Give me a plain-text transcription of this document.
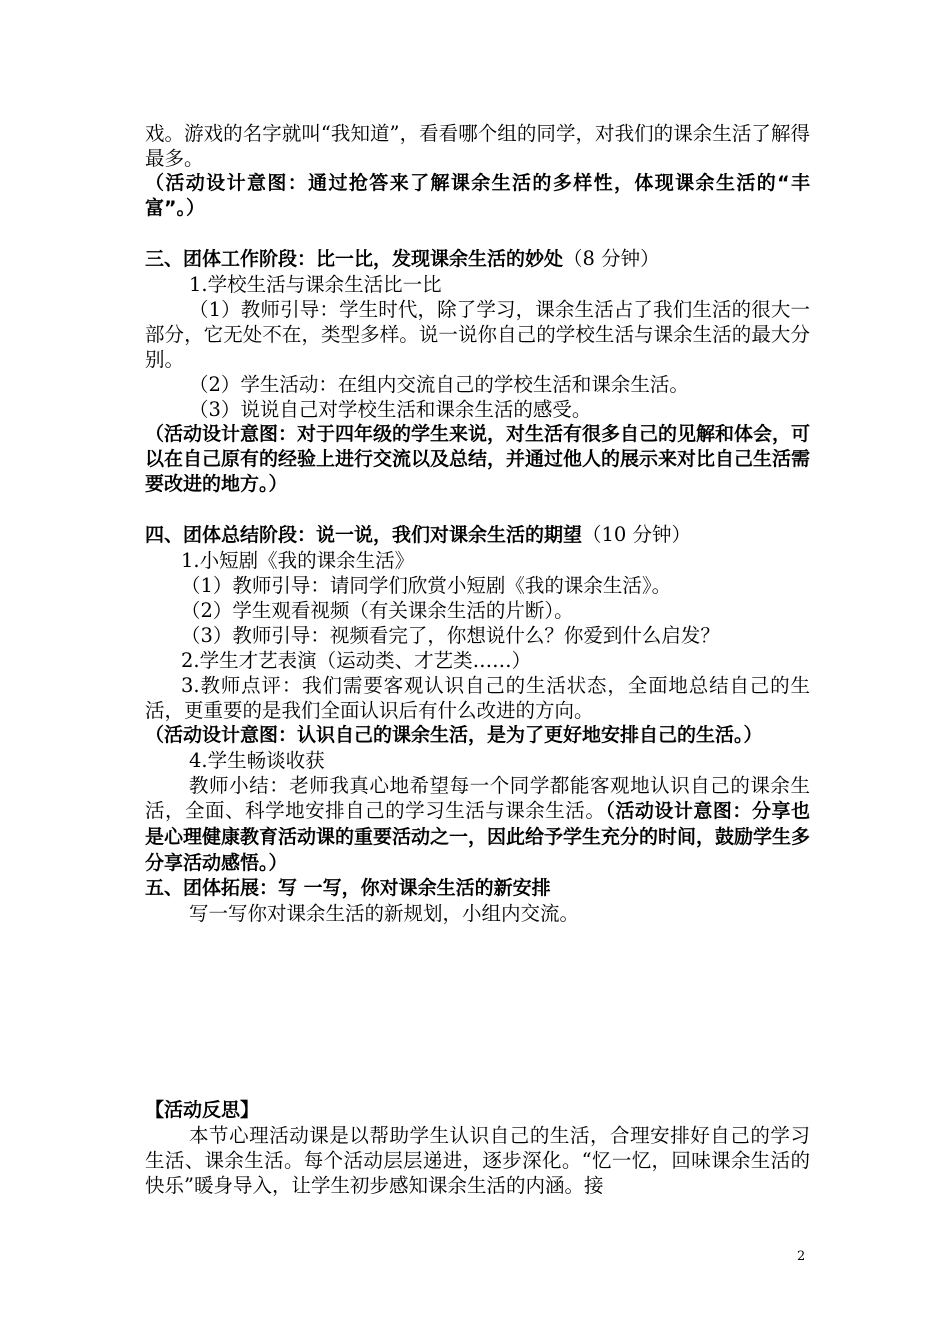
戏。游戏的名字就叫“我知道”，看看哪个组的同学，对我们的课余生活了解得最多。

（活动设计意图：通过抢答来了解课余生活的多样性，体现课余生活的“丰富”。）

三、团体工作阶段：比一比，发现课余生活的妙处（8 分钟）

1.学校生活与课余生活比一比

（1）教师引导：学生时代，除了学习，课余生活占了我们生活的很大一部分，它无处不在，类型多样。说一说你自己的学校生活与课余生活的最大分别。

（2）学生活动：在组内交流自己的学校生活和课余生活。

（3）说说自己对学校生活和课余生活的感受。

（活动设计意图：对于四年级的学生来说，对生活有很多自己的见解和体会，可以在自己原有的经验上进行交流以及总结，并通过他人的展示来对比自己生活需要改进的地方。）

四、团体总结阶段：说一说，我们对课余生活的期望（10 分钟）

1.小短剧《我的课余生活》

（1）教师引导：请同学们欣赏小短剧《我的课余生活》。

（2）学生观看视频（有关课余生活的片断）。

（3）教师引导：视频看完了，你想说什么？你爱到什么启发？

2.学生才艺表演（运动类、才艺类……）

3.教师点评：我们需要客观认识自己的生活状态，全面地总结自己的生活，更重要的是我们全面认识后有什么改进的方向。

（活动设计意图：认识自己的课余生活，是为了更好地安排自己的生活。）

4.学生畅谈收获

教师小结：老师我真心地希望每一个同学都能客观地认识自己的课余生活，全面、科学地安排自己的学习生活与课余生活。（活动设计意图：分享也是心理健康教育活动课的重要活动之一，因此给予学生充分的时间，鼓励学生多分享活动感悟。）

五、团体拓展：写 一写，你对课余生活的新安排

写一写你对课余生活的新规划，小组内交流。

【活动反思】

本节心理活动课是以帮助学生认识自己的生活，合理安排好自己的学习生活、课余生活。每个活动层层递进，逐步深化。“忆一忆，回味课余生活的快乐”暖身导入，让学生初步感知课余生活的内涵。接

2
